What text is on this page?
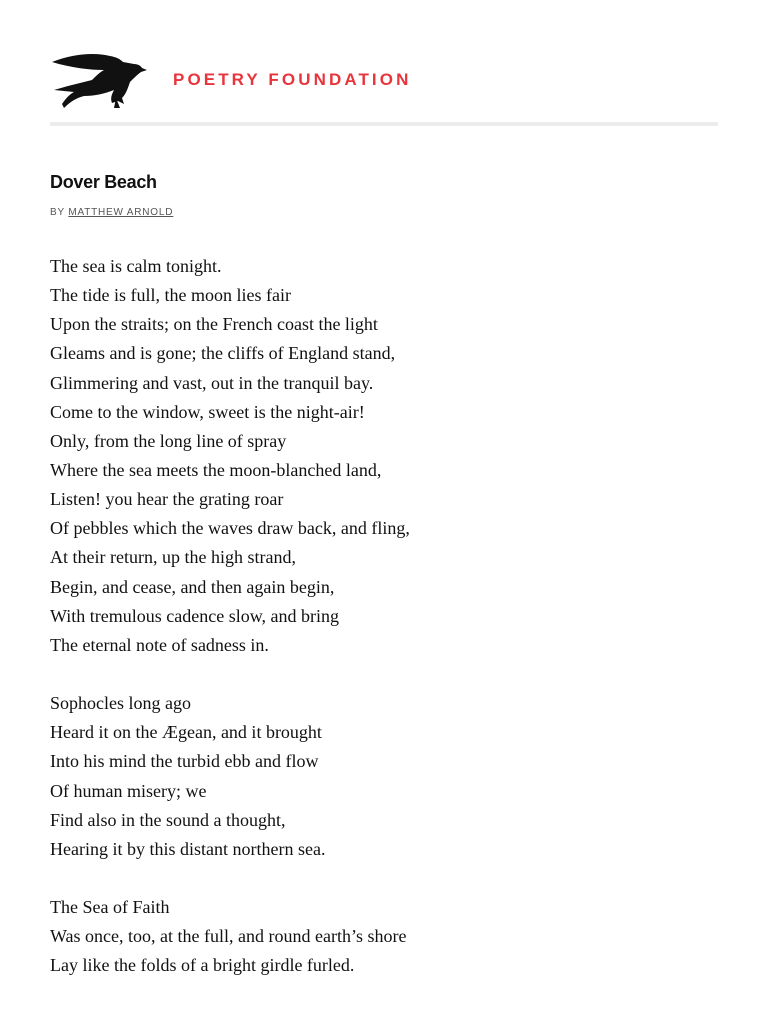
POETRY FOUNDATION
Dover Beach
BY MATTHEW ARNOLD
The sea is calm tonight.
The tide is full, the moon lies fair
Upon the straits; on the French coast the light
Gleams and is gone; the cliffs of England stand,
Glimmering and vast, out in the tranquil bay.
Come to the window, sweet is the night-air!
Only, from the long line of spray
Where the sea meets the moon-blanched land,
Listen! you hear the grating roar
Of pebbles which the waves draw back, and fling,
At their return, up the high strand,
Begin, and cease, and then again begin,
With tremulous cadence slow, and bring
The eternal note of sadness in.
Sophocles long ago
Heard it on the Ægean, and it brought
Into his mind the turbid ebb and flow
Of human misery; we
Find also in the sound a thought,
Hearing it by this distant northern sea.
The Sea of Faith
Was once, too, at the full, and round earth’s shore
Lay like the folds of a bright girdle furled.
